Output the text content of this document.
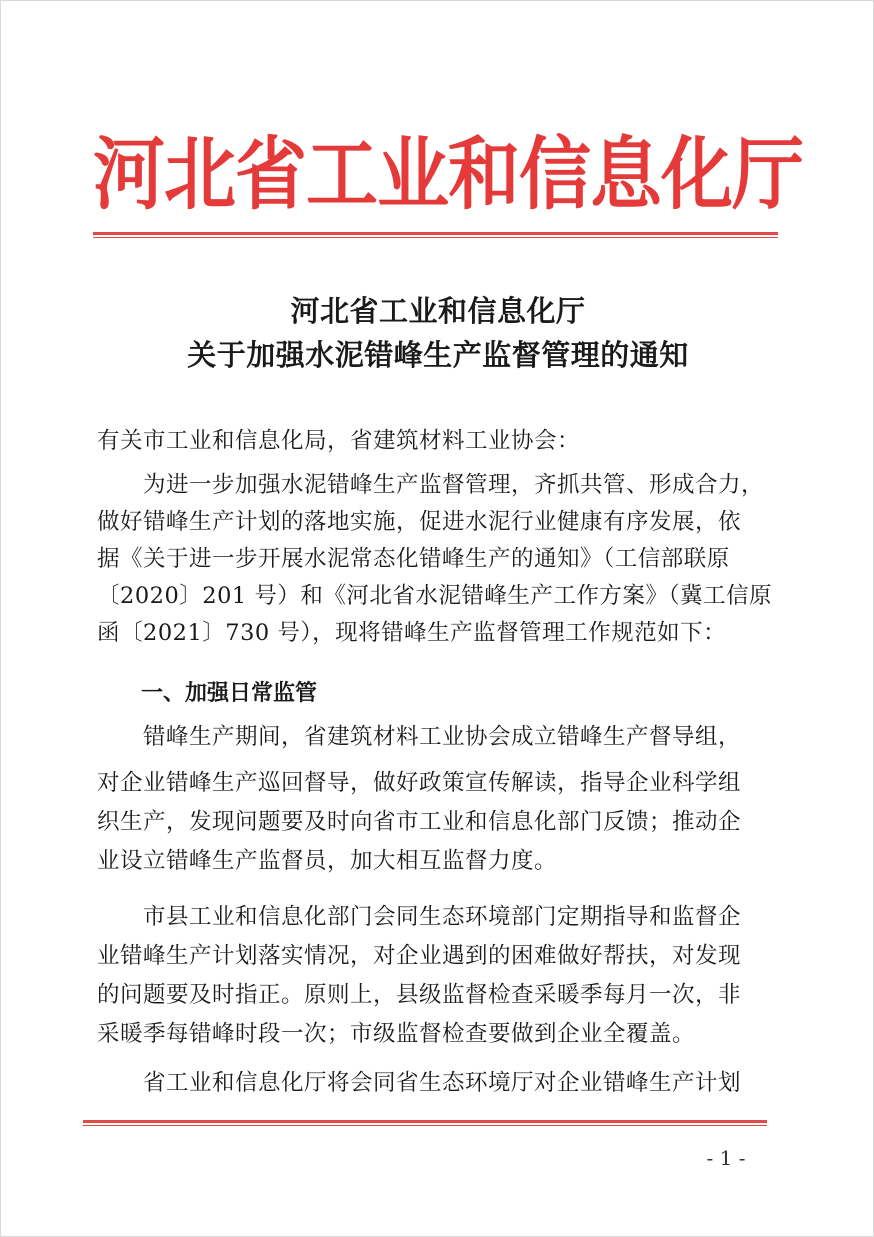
河北省工业和信息化厅
河北省工业和信息化厅
关于加强水泥错峰生产监督管理的通知
有关市工业和信息化局，省建筑材料工业协会：
　　为进一步加强水泥错峰生产监督管理，齐抓共管、形成合力，
做好错峰生产计划的落地实施，促进水泥行业健康有序发展，依
据《关于进一步开展水泥常态化错峰生产的通知》（工信部联原
〔2020〕201 号）和《河北省水泥错峰生产工作方案》（冀工信原
函〔2021〕730 号），现将错峰生产监督管理工作规范如下：
一、加强日常监管
　　错峰生产期间，省建筑材料工业协会成立错峰生产督导组，
对企业错峰生产巡回督导，做好政策宣传解读，指导企业科学组
织生产，发现问题要及时向省市工业和信息化部门反馈；推动企
业设立错峰生产监督员，加大相互监督力度。
　　市县工业和信息化部门会同生态环境部门定期指导和监督企
业错峰生产计划落实情况，对企业遇到的困难做好帮扶，对发现
的问题要及时指正。原则上，县级监督检查采暖季每月一次，非
采暖季每错峰时段一次；市级监督检查要做到企业全覆盖。
　　省工业和信息化厅将会同省生态环境厅对企业错峰生产计划
- 1 -
